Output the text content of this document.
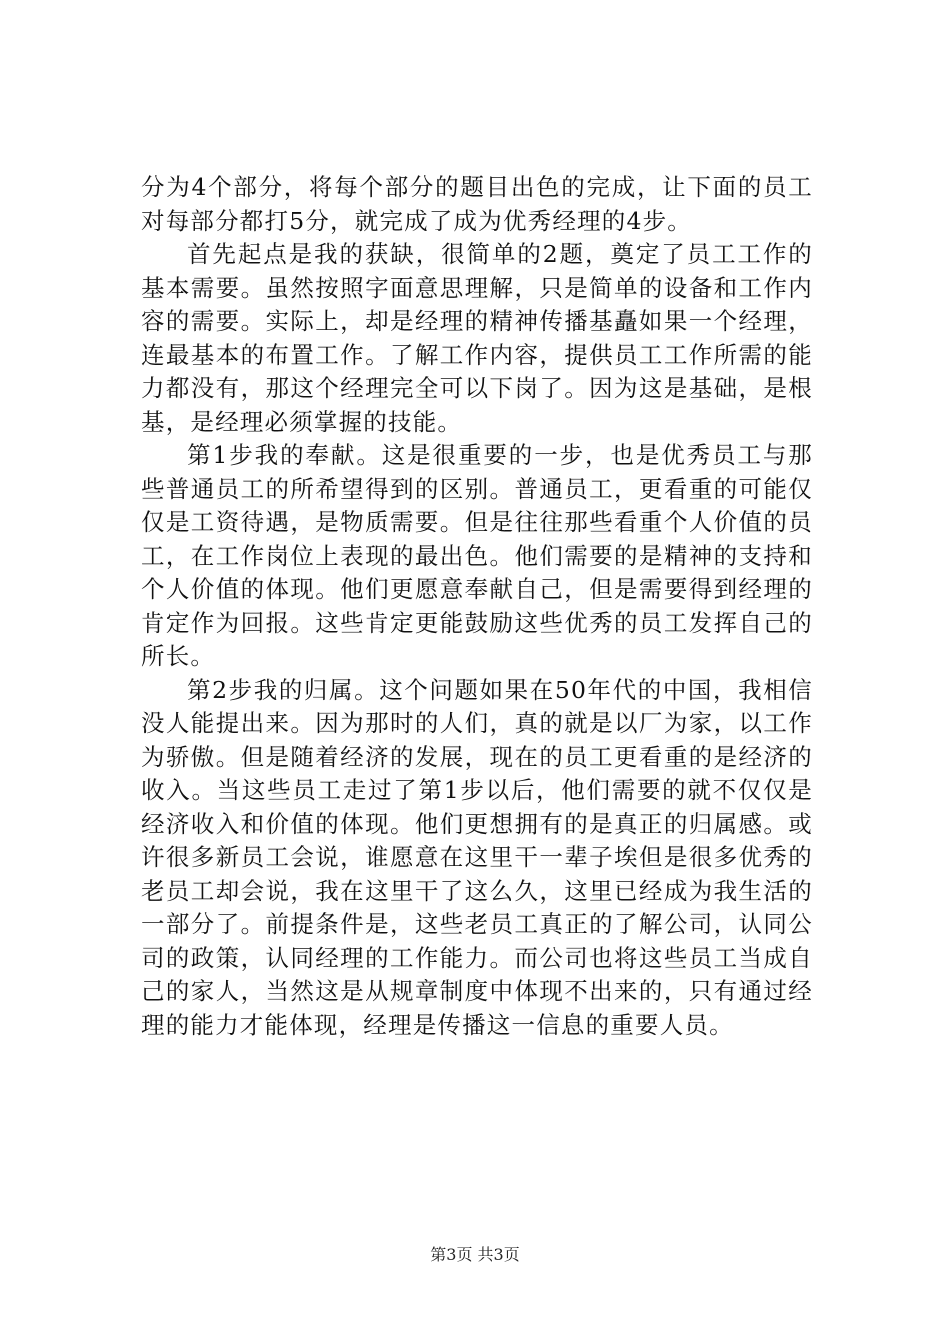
分为4个部分，将每个部分的题目出色的完成，让下面的员工对每部分都打5分，就完成了成为优秀经理的4步。

首先起点是我的获缺，很简单的2题，奠定了员工工作的基本需要。虽然按照字面意思理解，只是简单的设备和工作内容的需要。实际上，却是经理的精神传播基矗如果一个经理，连最基本的布置工作。了解工作内容，提供员工工作所需的能力都没有，那这个经理完全可以下岗了。因为这是基础，是根基，是经理必须掌握的技能。

第1步我的奉献。这是很重要的一步，也是优秀员工与那些普通员工的所希望得到的区别。普通员工，更看重的可能仅仅是工资待遇，是物质需要。但是往往那些看重个人价值的员工，在工作岗位上表现的最出色。他们需要的是精神的支持和个人价值的体现。他们更愿意奉献自己，但是需要得到经理的肯定作为回报。这些肯定更能鼓励这些优秀的员工发挥自己的所长。

第2步我的归属。这个问题如果在50年代的中国，我相信没人能提出来。因为那时的人们，真的就是以厂为家，以工作为骄傲。但是随着经济的发展，现在的员工更看重的是经济的收入。当这些员工走过了第1步以后，他们需要的就不仅仅是经济收入和价值的体现。他们更想拥有的是真正的归属感。或许很多新员工会说，谁愿意在这里干一辈子埃但是很多优秀的老员工却会说，我在这里干了这么久，这里已经成为我生活的一部分了。前提条件是，这些老员工真正的了解公司，认同公司的政策，认同经理的工作能力。而公司也将这些员工当成自己的家人，当然这是从规章制度中体现不出来的，只有通过经理的能力才能体现，经理是传播这一信息的重要人员。

第3页 共3页
